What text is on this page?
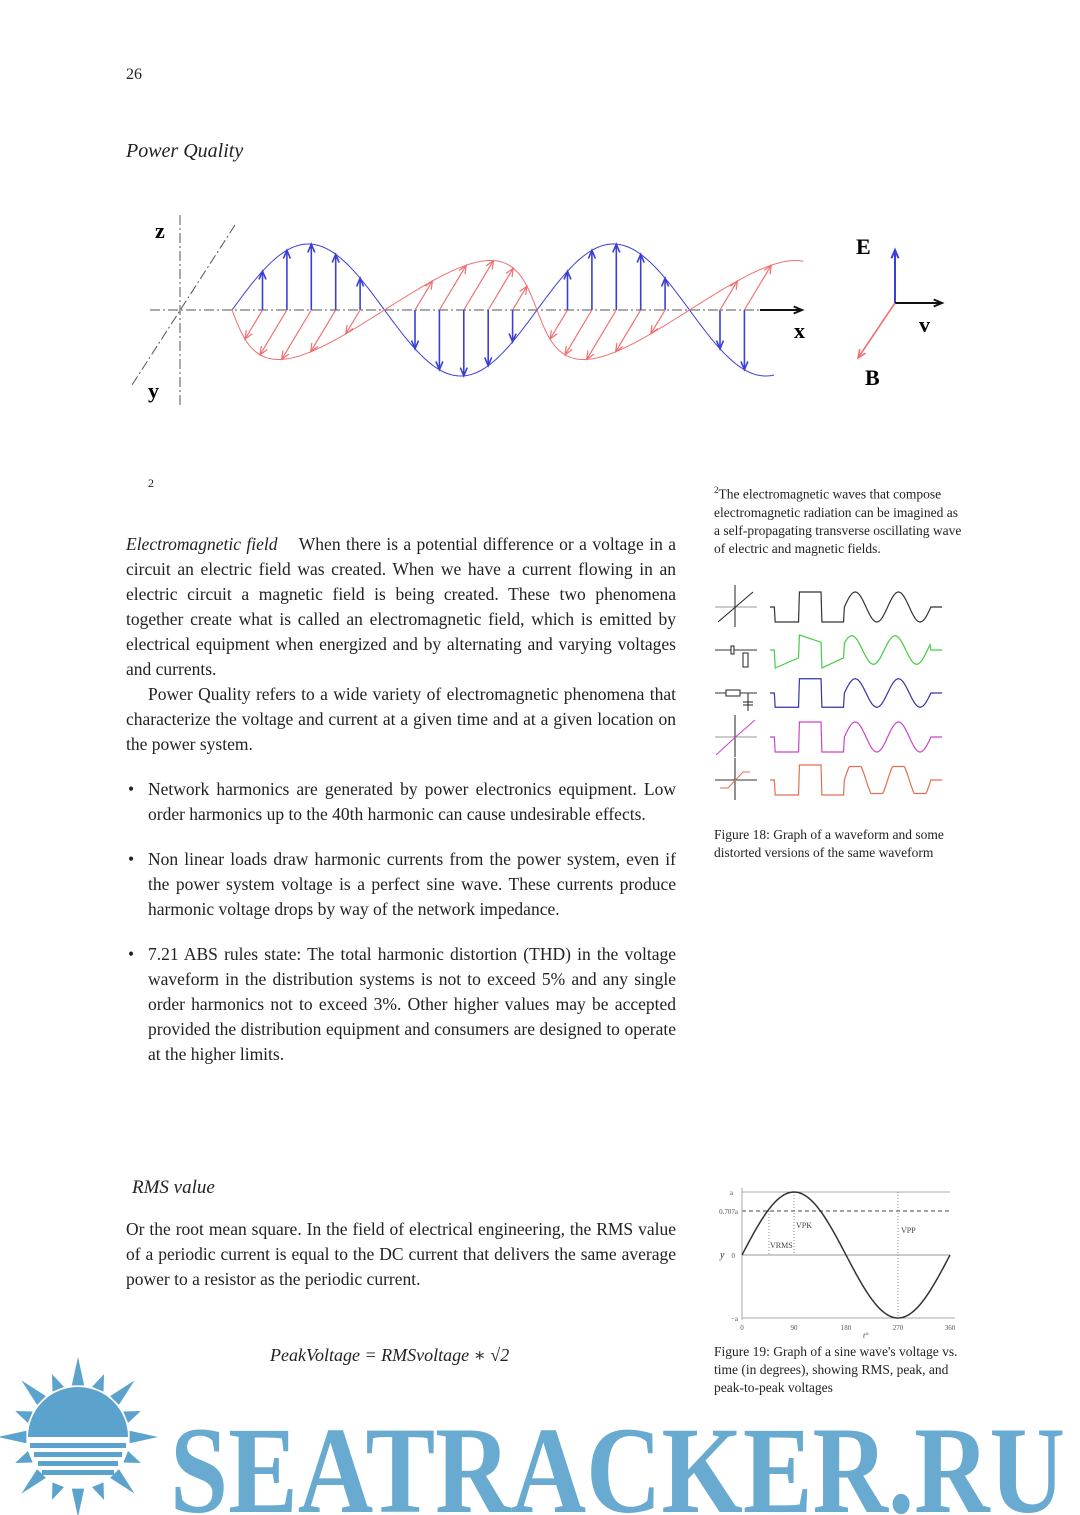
26
Power Quality
z
y
x
E
v
B
2	$^2$The electromagnetic waves that compose electromagnetic radiation can be imagined as a self-propagating transverse oscillating wave of electric and magnetic fields.

Electromagnetic field When there is a potential difference or a voltage in a circuit an electric field was created. When we have a current flowing in an electric circuit a magnetic field is being created. These two phenomena together create what is called an electromagnetic field, which is emitted by electrical equipment when energized and by alternating and varying voltages and currents.

Power Quality refers to a wide variety of electromagnetic phenomena that characterize the voltage and current at a given time and at a given location on the power system.

• Network harmonics are generated by power electronics equipment. Low order harmonics up to the 40th harmonic can cause undesirable effects.
• Non linear loads draw harmonic currents from the power system, even if the power system voltage is a perfect sine wave. These currents produce harmonic voltage drops by way of the network impedance.
• 7.21 ABS rules state: The total harmonic distortion (THD) in the voltage waveform in the distribution systems is not to exceed 5% and any single order harmonics not to exceed 3%. Other higher values may be accepted provided the distribution equipment and consumers are designed to operate at the higher limits.
Figure 18: Graph of a waveform and some distorted versions of the same waveform
RMS value
Or the root mean square. In the field of electrical engineering, the RMS value of a periodic current is equal to the DC current that delivers the same average power to a resistor as the periodic current.
PeakVoltage = RMSvoltage ∗ √2
a
0.707a
0
−a
y
0	90	180	270	360
t°
VPK
VPP
VRMS
Figure 19: Graph of a sine wave's voltage vs. time (in degrees), showing RMS, peak, and peak-to-peak voltages
SEATRACKER.RU
